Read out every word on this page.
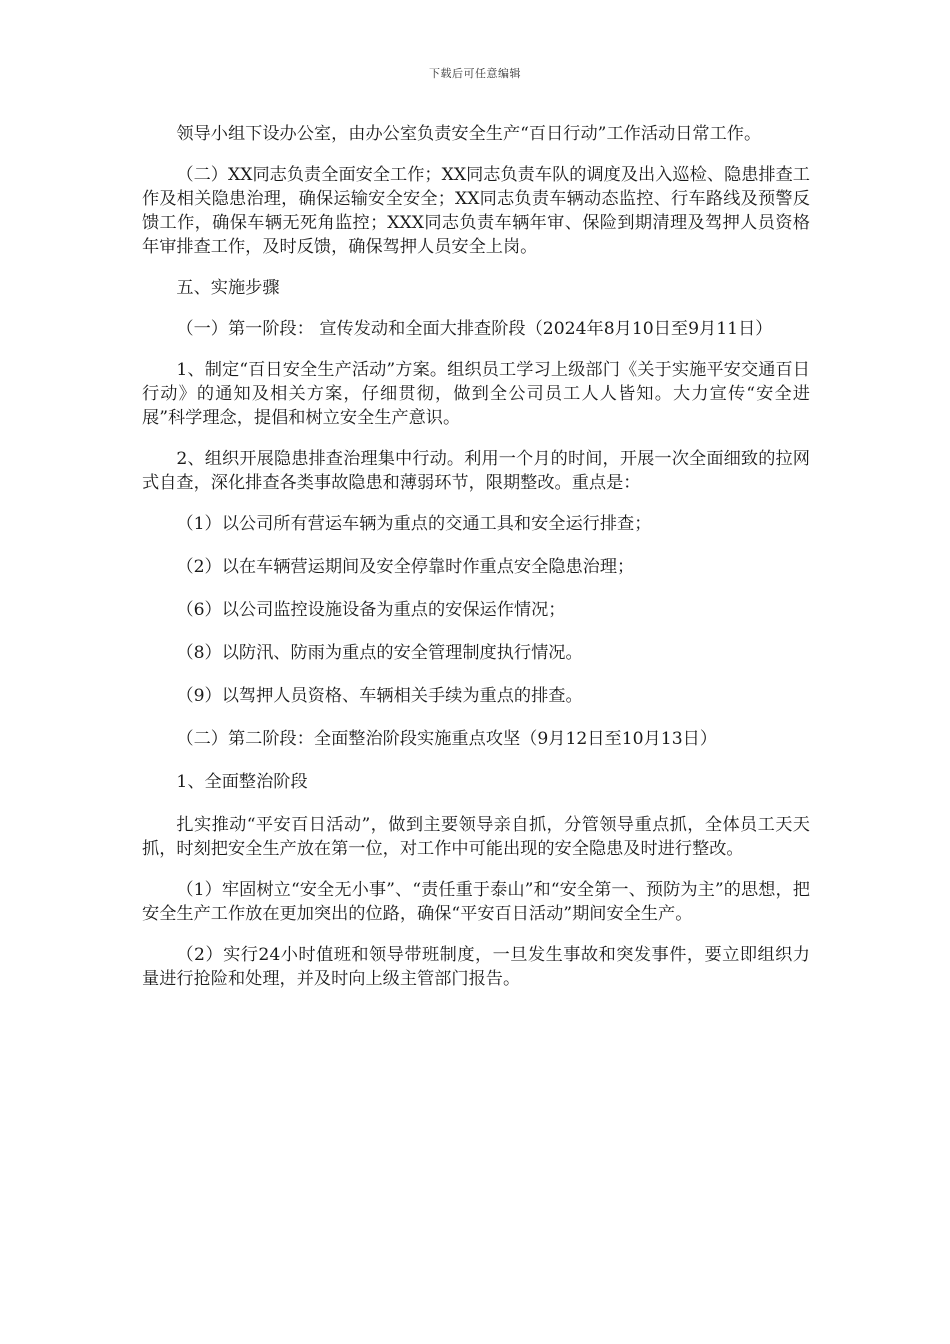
下载后可任意编辑

领导小组下设办公室，由办公室负责安全生产“百日行动”工作活动日常工作。

（二）XX同志负责全面安全工作；XX同志负责车队的调度及出入巡检、隐患排查工作及相关隐患治理，确保运输安全安全；XX同志负责车辆动态监控、行车路线及预警反馈工作，确保车辆无死角监控；XXX同志负责车辆年审、保险到期清理及驾押人员资格年审排查工作，及时反馈，确保驾押人员安全上岗。

五、实施步骤

（一）第一阶段： 宣传发动和全面大排查阶段（2024年8月10日至9月11日）

1、制定“百日安全生产活动”方案。组织员工学习上级部门《关于实施平安交通百日行动》的通知及相关方案，仔细贯彻，做到全公司员工人人皆知。大力宣传“安全进展”科学理念，提倡和树立安全生产意识。

2、组织开展隐患排查治理集中行动。利用一个月的时间，开展一次全面细致的拉网式自查，深化排查各类事故隐患和薄弱环节，限期整改。重点是：

（1）以公司所有营运车辆为重点的交通工具和安全运行排查；

（2）以在车辆营运期间及安全停靠时作重点安全隐患治理；

（6）以公司监控设施设备为重点的安保运作情况；

（8）以防汛、防雨为重点的安全管理制度执行情况。

（9）以驾押人员资格、车辆相关手续为重点的排查。

（二）第二阶段：全面整治阶段实施重点攻坚（9月12日至10月13日）

1、全面整治阶段

扎实推动“平安百日活动”，做到主要领导亲自抓，分管领导重点抓，全体员工天天抓，时刻把安全生产放在第一位，对工作中可能出现的安全隐患及时进行整改。

（1）牢固树立“安全无小事”、“责任重于泰山”和“安全第一、预防为主”的思想，把安全生产工作放在更加突出的位路，确保“平安百日活动”期间安全生产。

（2）实行24小时值班和领导带班制度，一旦发生事故和突发事件，要立即组织力量进行抢险和处理，并及时向上级主管部门报告。
